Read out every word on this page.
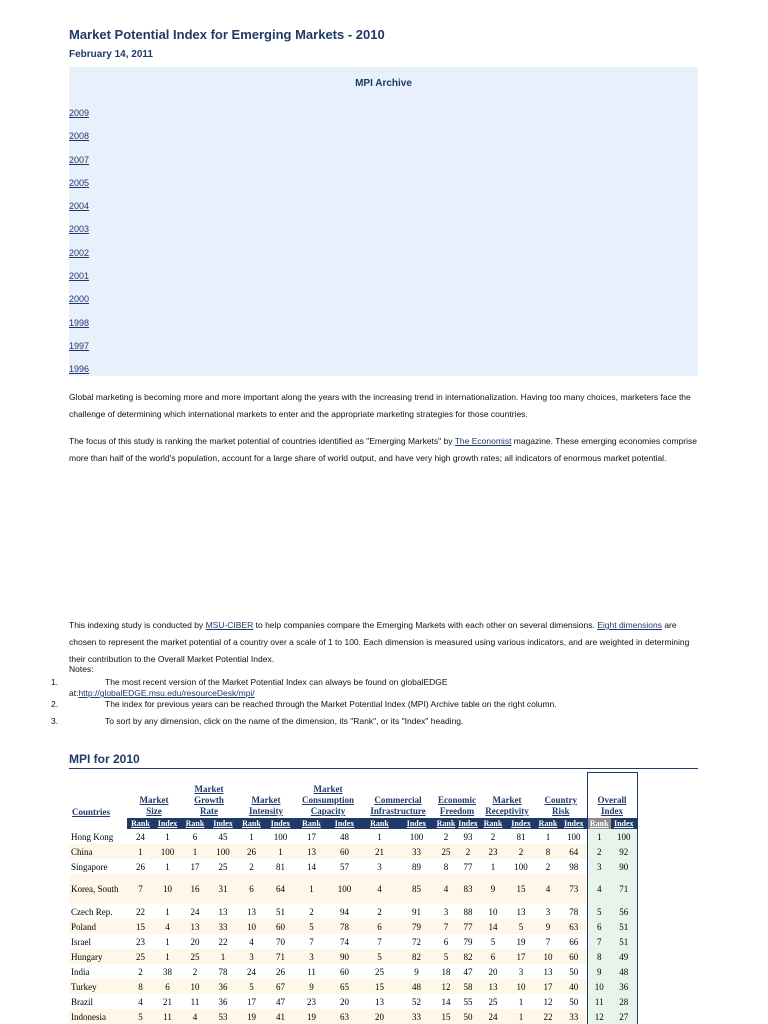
Market Potential Index for Emerging Markets - 2010
February 14, 2011
MPI Archive
2009
2008
2007
2005
2004
2003
2002
2001
2000
1998
1997
1996
Global marketing is becoming more and more important along the years with the increasing trend in internationalization. Having too many choices, marketers face the challenge of determining which international markets to enter and the appropriate marketing strategies for those countries.
The focus of this study is ranking the market potential of countries identified as "Emerging Markets" by The Economist magazine. These emerging economies comprise more than half of the world's population, account for a large share of world output, and have very high growth rates; all indicators of enormous market potential.
This indexing study is conducted by MSU-CIBER to help companies compare the Emerging Markets with each other on several dimensions. Eight dimensions are chosen to represent the market potential of a country over a scale of 1 to 100. Each dimension is measured using various indicators, and are weighted in determining their contribution to the Overall Market Potential Index.
Notes:
1.	The most recent version of the Market Potential Index can always be found on globalEDGE
at:http://globalEDGE.msu.edu/resourceDesk/mpi/
2.	The index for previous years can be reached through the Market Potential Index (MPI) Archive table on the right column.
3.	To sort by any dimension, click on the name of the dimension, its "Rank", or its "Index" heading.
MPI for 2010
Countries	Market
Size		Market
Growth
Rate		Market
Intensity		Market
Consumption
Capacity		Commercial
Infrastructure		Economic
Freedom		Market
Receptivity		Country
Risk		Overall
Index	
	Rank	Index	Rank	Index	Rank	Index	Rank	Index	Rank	Index	Rank	Index	Rank	Index	Rank	Index	Rank	Index
Hong Kong	24	1	6	45	1	100	17	48	1	100	2	93	2	81	1	100	1	100
China	1	100	1	100	26	1	13	60	21	33	25	2	23	2	8	64	2	92
Singapore	26	1	17	25	2	81	14	57	3	89	8	77	1	100	2	98	3	90
Korea, South	7	10	16	31	6	64	1	100	4	85	4	83	9	15	4	73	4	71
Czech Rep.	22	1	24	13	13	51	2	94	2	91	3	88	10	13	3	78	5	56
Poland	15	4	13	33	10	60	5	78	6	79	7	77	14	5	9	63	6	51
Israel	23	1	20	22	4	70	7	74	7	72	6	79	5	19	7	66	7	51
Hungary	25	1	25	1	3	71	3	90	5	82	5	82	6	17	10	60	8	49
India	2	38	2	78	24	26	11	60	25	9	18	47	20	3	13	50	9	48
Turkey	8	6	10	36	5	67	9	65	15	48	12	58	13	10	17	40	10	36
Brazil	4	21	11	36	17	47	23	20	13	52	14	55	25	1	12	50	11	28
Indonesia	5	11	4	53	19	41	19	63	20	33	15	50	24	1	22	33	12	27
